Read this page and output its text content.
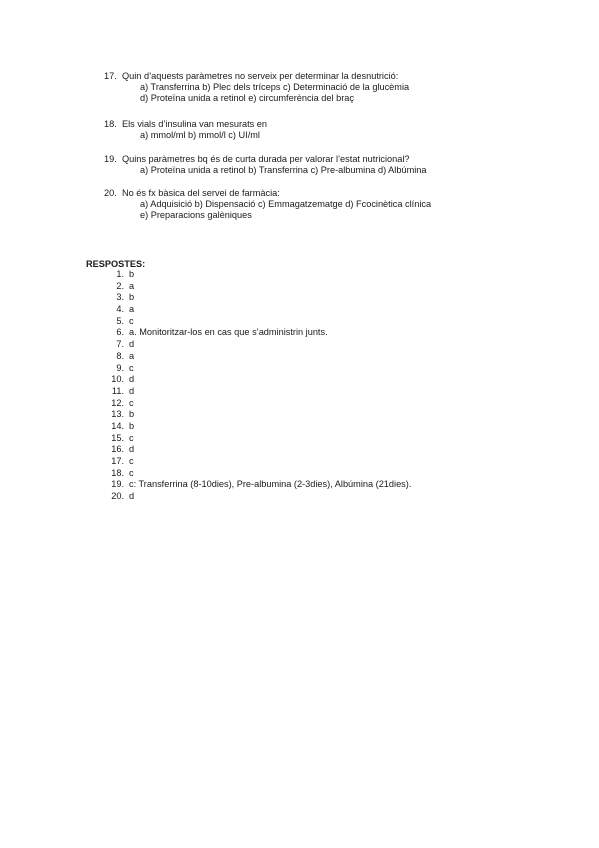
17. Quin d’aquests paràmetres no serveix per determinar la desnutrició:
a) Transferrina b) Plec dels tríceps c) Determinació de la glucèmia
d) Proteïna unida a retinol e) circumferència del braç
18. Els vials d’insulina van mesurats en
a) mmol/ml b) mmol/l c) UI/ml
19. Quins paràmetres bq és de curta durada per valorar l’estat nutricional?
a) Proteïna unida a retinol b) Transferrina c) Pre-albumina d) Albúmina
20. No és fx bàsica del servei de farmàcia:
a) Adquisició b) Dispensació c) Emmagatzematge d) Fcocinètica clínica
e) Preparacions galèniques
RESPOSTES:
1. b
2. a
3. b
4. a
5. c
6. a. Monitoritzar-los en cas que s’administrin junts.
7. d
8. a
9. c
10. d
11. d
12. c
13. b
14. b
15. c
16. d
17. c
18. c
19. c: Transferrina (8-10dies), Pre-albumina (2-3dies), Albúmina (21dies).
20. d
